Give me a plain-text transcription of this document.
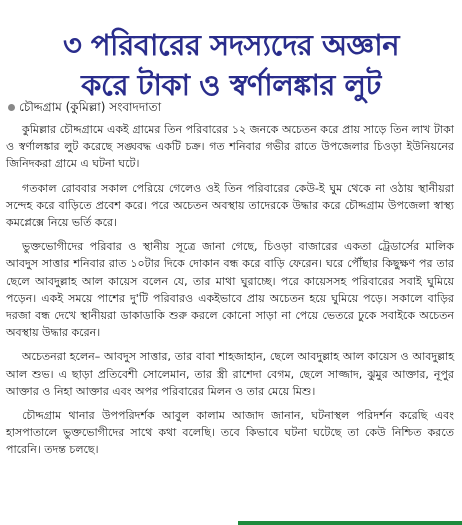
৩ পরিবারের সদস্যদের অজ্ঞান
করে টাকা ও স্বর্ণালঙ্কার লুট
চৌদ্দগ্রাম (কুমিল্লা) সংবাদদাতা

কুমিল্লার চৌদ্দগ্রামে একই গ্রামের তিন পরিবারের ১২ জনকে অচেতন করে প্রায় সাড়ে তিন লাখ টাকা ও স্বর্ণালঙ্কার লুট করেছে সঙ্ঘবদ্ধ একটি চক্র। গত শনিবার গভীর রাতে উপজেলার চিওড়া ইউনিয়নের জিনিদকরা গ্রামে এ ঘটনা ঘটে।

গতকাল রোববার সকাল পেরিয়ে গেলেও ওই তিন পরিবারের কেউ-ই ঘুম থেকে না ওঠায় স্থানীয়রা সন্দেহ করে বাড়িতে প্রবেশ করে। পরে অচেতন অবস্থায় তাদেরকে উদ্ধার করে চৌদ্দগ্রাম উপজেলা স্বাস্থ্য কমপ্লেক্সে নিয়ে ভর্তি করে।

ভুক্তভোগীদের পরিবার ও স্থানীয় সূত্রে জানা গেছে, চিওড়া বাজারের একতা ট্রেডার্সের মালিক আবদুস সাত্তার শনিবার রাত ১০টার দিকে দোকান বন্ধ করে বাড়ি ফেরেন। ঘরে পৌঁছার কিছুক্ষণ পর তার ছেলে আবদুল্লাহ আল কায়েস বলেন যে, তার মাথা ঘুরাচ্ছে। পরে কায়েসসহ পরিবারের সবাই ঘুমিয়ে পড়েন। একই সময়ে পাশের দু'টি পরিবারও একইভাবে প্রায় অচেতন হয়ে ঘুমিয়ে পড়ে। সকালে বাড়ির দরজা বন্ধ দেখে স্থানীয়রা ডাকাডাকি শুরু করলে কোনো সাড়া না পেয়ে ভেতরে ঢুকে সবাইকে অচেতন অবস্থায় উদ্ধার করেন।

অচেতনরা হলেন– আবদুস সাত্তার, তার বাবা শাহজাহান, ছেলে আবদুল্লাহ আল কায়েস ও আবদুল্লাহ আল শুভ। এ ছাড়া প্রতিবেশী সোলেমান, তার স্ত্রী রাশেদা বেগম, ছেলে সাজ্জাদ, ঝুমুর আক্তার, নূপুর আক্তার ও নিহা আক্তার এবং অপর পরিবারের মিলন ও তার মেয়ে মিশু।

চৌদ্দগ্রাম থানার উপপরিদর্শক আবুল কালাম আজাদ জানান, ঘটনাস্থল পরিদর্শন করেছি এবং হাসপাতালে ভুক্তভোগীদের সাথে কথা বলেছি। তবে কিভাবে ঘটনা ঘটেছে তা কেউ নিশ্চিত করতে পারেনি। তদন্ত চলছে।
